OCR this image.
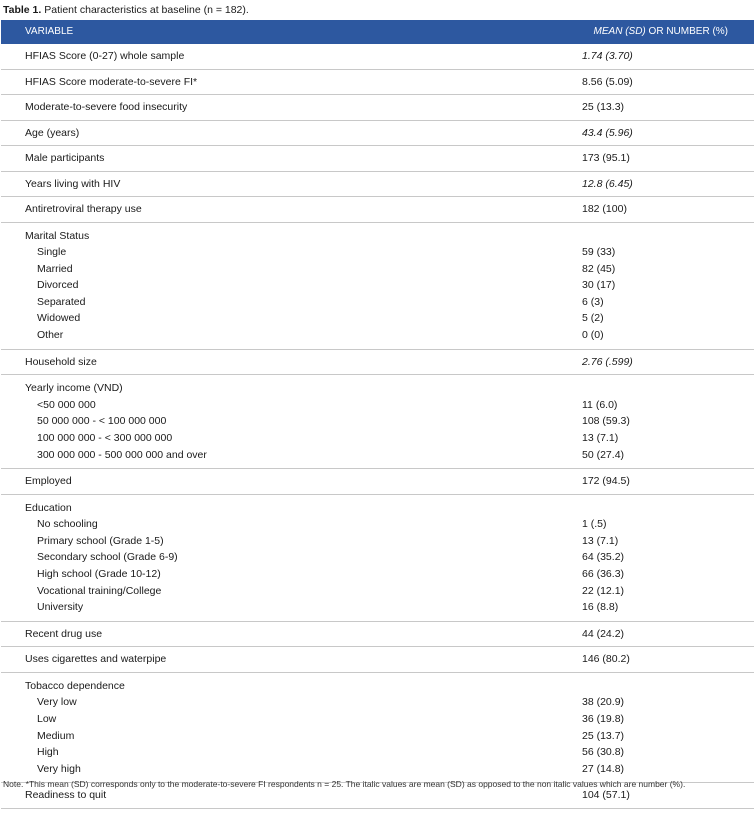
Table 1. Patient characteristics at baseline (n = 182).
VARIABLE	MEAN (SD) OR NUMBER (%)
HFIAS Score (0-27) whole sample	1.74 (3.70)
HFIAS Score moderate-to-severe FI*	8.56 (5.09)
Moderate-to-severe food insecurity	25 (13.3)
Age (years)	43.4 (5.96)
Male participants	173 (95.1)
Years living with HIV	12.8 (6.45)
Antiretroviral therapy use	182 (100)
Marital Status
Single	59 (33)
Married	82 (45)
Divorced	30 (17)
Separated	6 (3)
Widowed	5 (2)
Other	0 (0)
Household size	2.76 (.599)
Yearly income (VND)
<50 000 000	11 (6.0)
50 000 000 - < 100 000 000	108 (59.3)
100 000 000 - < 300 000 000	13 (7.1)
300 000 000 - 500 000 000 and over	50 (27.4)
Employed	172 (94.5)
Education
No schooling	1 (.5)
Primary school (Grade 1-5)	13 (7.1)
Secondary school (Grade 6-9)	64 (35.2)
High school (Grade 10-12)	66 (36.3)
Vocational training/College	22 (12.1)
University	16 (8.8)
Recent drug use	44 (24.2)
Uses cigarettes and waterpipe	146 (80.2)
Tobacco dependence
Very low	38 (20.9)
Low	36 (19.8)
Medium	25 (13.7)
High	56 (30.8)
Very high	27 (14.8)
Readiness to quit	104 (57.1)
Note. *This mean (SD) corresponds only to the moderate-to-severe FI respondents n = 25. The italic values are mean (SD) as opposed to the non italic values which are number (%).
